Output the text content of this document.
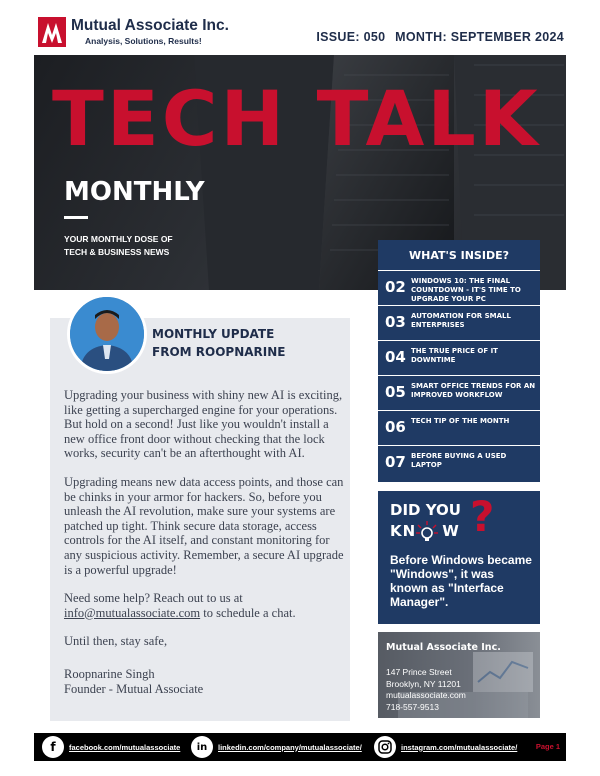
Mutual Associate Inc.
Analysis, Solutions, Results!	ISSUE: 050 MONTH: SEPTEMBER 2024
TECH TALK
MONTHLY
YOUR MONTHLY DOSE OF
TECH & BUSINESS NEWS
MONTHLY UPDATE
FROM ROOPNARINE

Upgrading your business with shiny new AI is exciting, like getting a supercharged engine for your operations. But hold on a second! Just like you wouldn't install a new office front door without checking that the lock works, security can't be an afterthought with AI.

Upgrading means new data access points, and those can be chinks in your armor for hackers. So, before you unleash the AI revolution, make sure your systems are patched up tight. Think secure data storage, access controls for the AI itself, and constant monitoring for any suspicious activity. Remember, a secure AI upgrade is a powerful upgrade!

Need some help? Reach out to us at info@mutualassociate.com to schedule a chat.

Until then, stay safe,

Roopnarine Singh
Founder - Mutual Associate
WHAT'S INSIDE?
02 WINDOWS 10: THE FINAL COUNTDOWN - IT'S TIME TO UPGRADE YOUR PC
03 AUTOMATION FOR SMALL ENTERPRISES
04 THE TRUE PRICE OF IT DOWNTIME
05 SMART OFFICE TRENDS FOR AN IMPROVED WORKFLOW
06 TECH TIP OF THE MONTH
07 BEFORE BUYING A USED LAPTOP
DID YOU
KN W ?
Before Windows became "Windows", it was known as "Interface Manager".
Mutual Associate Inc.
147 Prince Street
Brooklyn, NY 11201
mutualassociate.com
718-557-9513
f	facebook.com/mutualassociate	in	linkedin.com/company/mutualassociate/	instagram.com/mutualassociate/ Page 1
